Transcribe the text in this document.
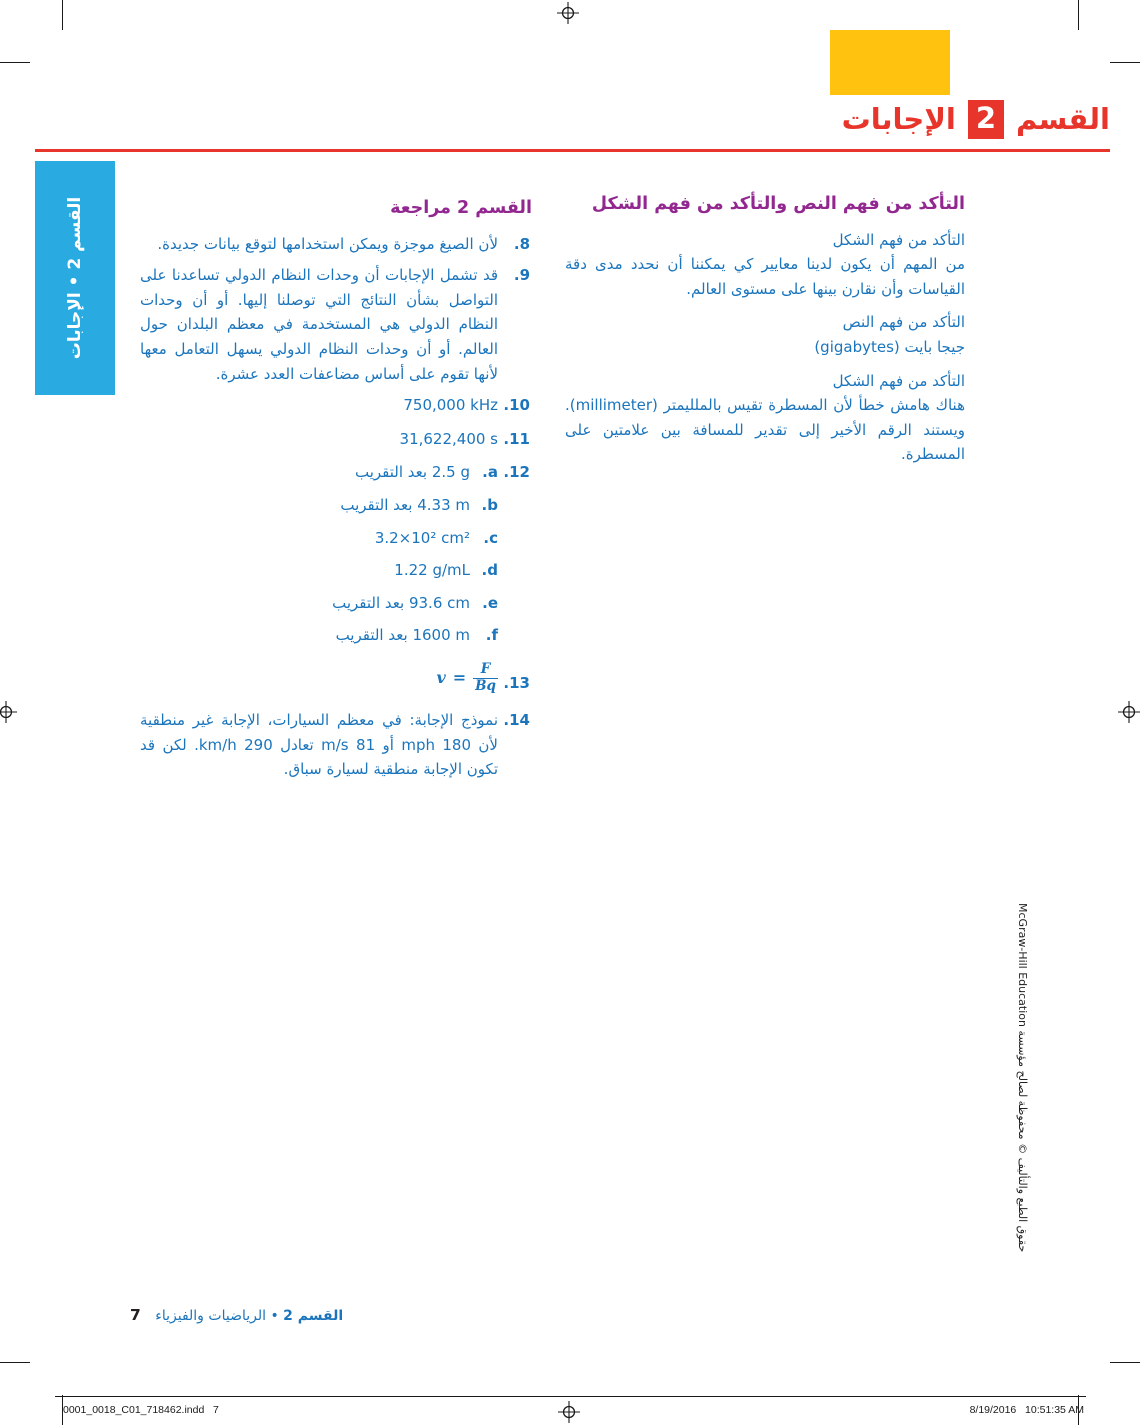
القسم
2
الإجابات
القسم 2 • الإجابات	التأكد من فهم النص والتأكد من فهم الشكل
التأكد من فهم الشكل

من المهم أن يكون لدينا معايير كي يمكننا أن نحدد مدى دقة القياسات وأن نقارن بينها على مستوى العالم.

التأكد من فهم النص

جيجا بايت (gigabytes)

التأكد من فهم الشكل

هناك هامش خطأ لأن المسطرة تقيس بالملليمتر (millimeter). ويستند الرقم الأخير إلى تقدير للمسافة بين علامتين على المسطرة.

القسم 2 مراجعة
8.
لأن الصيغ موجزة ويمكن استخدامها لتوقع بيانات جديدة.
9.
قد تشمل الإجابات أن وحدات النظام الدولي تساعدنا على التواصل بشأن النتائج التي توصلنا إليها. أو أن وحدات النظام الدولي هي المستخدمة في معظم البلدان حول العالم. أو أن وحدات النظام الدولي يسهل التعامل معها لأنها تقوم على أساس مضاعفات العدد عشرة.
10.
750,000 kHz
11.
31,622,400 s
12.
a.
2.5 g بعد التقريب
b.
4.33 m بعد التقريب
c.
3.2×10² cm²
d.
1.22 g/mL
e.
93.6 cm بعد التقريب
f.
1600 m بعد التقريب
13.
$v = \frac{F}{Bq}$
14.
نموذج الإجابة: في معظم السيارات، الإجابة غير منطقية لأن 180 mph أو 81 m/s تعادل 290 km/h. لكن قد تكون الإجابة منطقية لسيارة سباق.
حقوق الطبع والتأليف © محفوظة لصالح مؤسسة McGraw-Hill Education
القسم 2 • الرياضيات والفيزياء 7
0001_0018_C01_718462.indd   7	8/19/2016   10:51:35 AM
